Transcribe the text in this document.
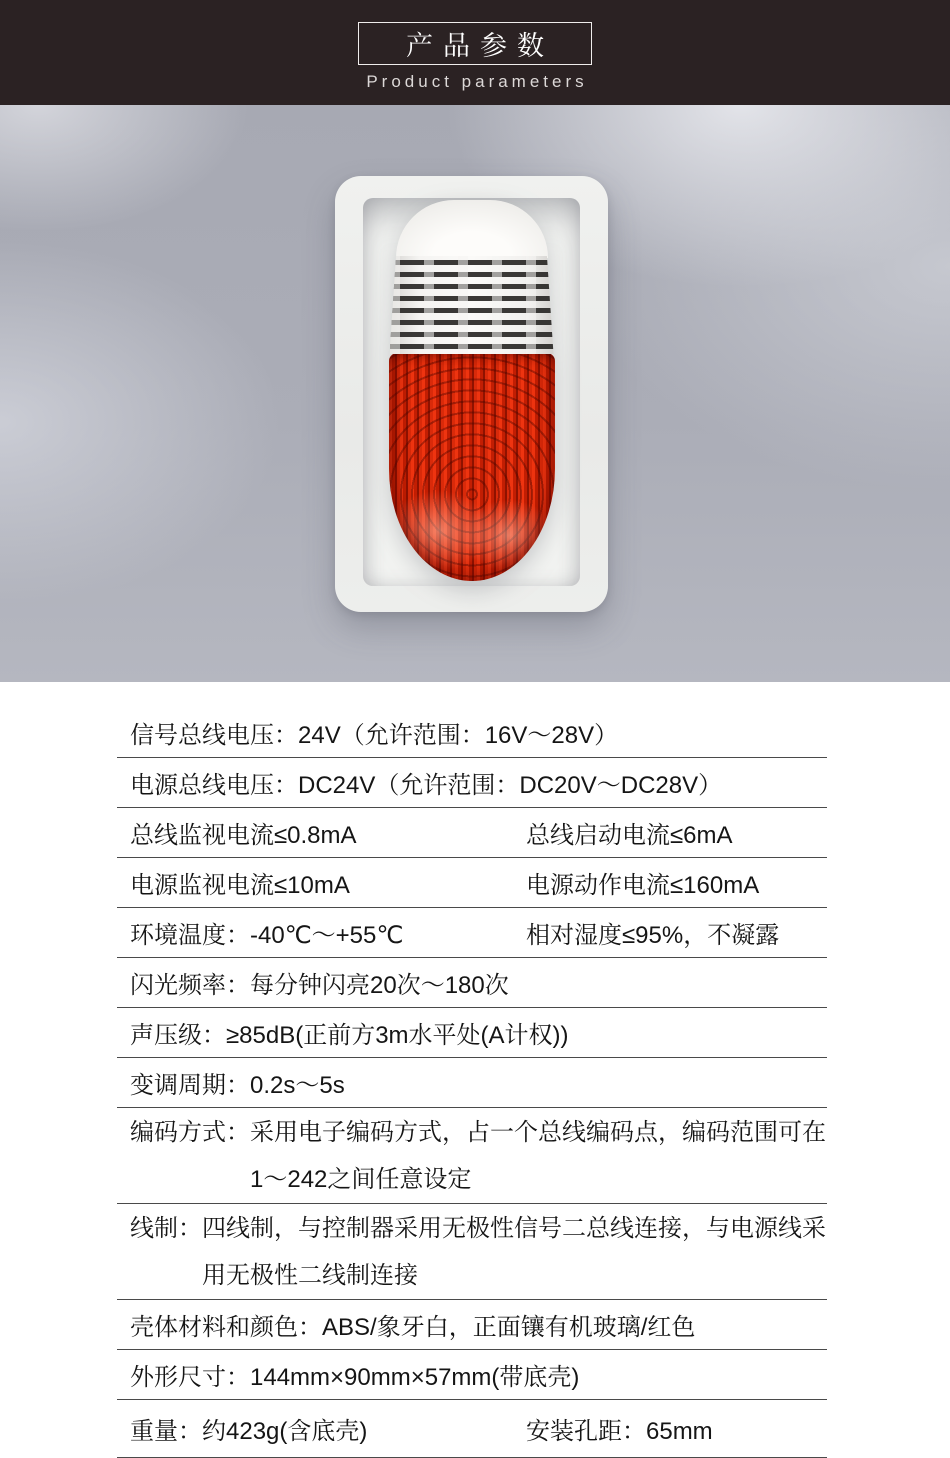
产品参数
Product parameters
信号总线电压：24V（允许范围：16V～28V）
电源总线电压：DC24V（允许范围：DC20V～DC28V）
总线监视电流≤0.8mA	总线启动电流≤6mA
电源监视电流≤10mA	电源动作电流≤160mA
环境温度：-40℃～+55℃	相对湿度≤95%，不凝露
闪光频率：每分钟闪亮20次～180次
声压级：≥85dB(正前方3m水平处(A计权))
变调周期：0.2s～5s
编码方式：采用电子编码方式，占一个总线编码点，编码范围可在
1～242之间任意设定
线制：四线制，与控制器采用无极性信号二总线连接，与电源线采
用无极性二线制连接
壳体材料和颜色：ABS/象牙白，正面镶有机玻璃/红色
外形尺寸：144mm×90mm×57mm(带底壳)
重量：约423g(含底壳)	安装孔距：65mm
